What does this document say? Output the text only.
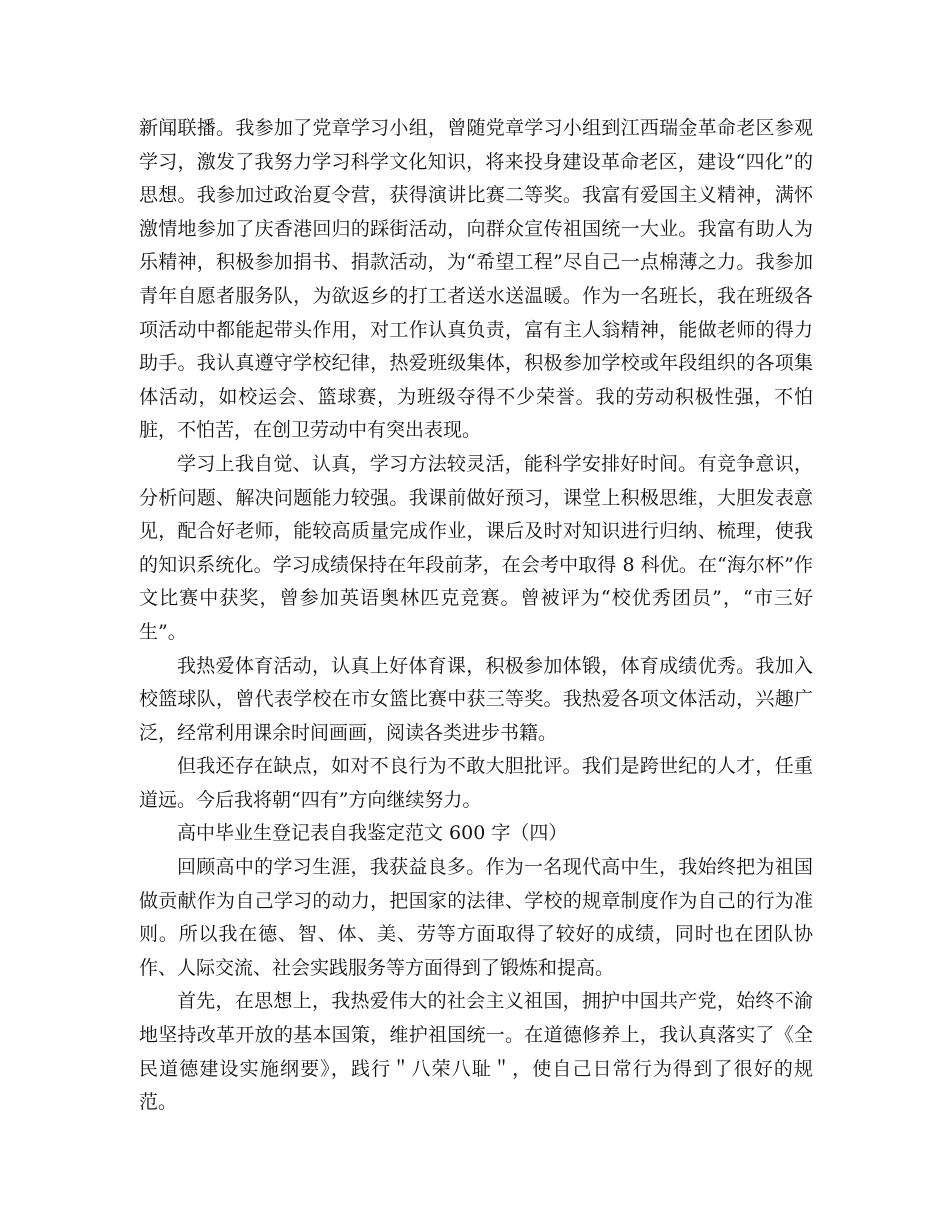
新闻联播。我参加了党章学习小组，曾随党章学习小组到江西瑞金革命老区参观学习，激发了我努力学习科学文化知识，将来投身建设革命老区，建设“四化”的思想。我参加过政治夏令营，获得演讲比赛二等奖。我富有爱国主义精神，满怀激情地参加了庆香港回归的踩街活动，向群众宣传祖国统一大业。我富有助人为乐精神，积极参加捐书、捐款活动，为“希望工程”尽自己一点棉薄之力。我参加青年自愿者服务队，为欲返乡的打工者送水送温暖。作为一名班长，我在班级各项活动中都能起带头作用，对工作认真负责，富有主人翁精神，能做老师的得力助手。我认真遵守学校纪律，热爱班级集体，积极参加学校或年段组织的各项集体活动，如校运会、篮球赛，为班级夺得不少荣誉。我的劳动积极性强，不怕脏，不怕苦，在创卫劳动中有突出表现。

学习上我自觉、认真，学习方法较灵活，能科学安排好时间。有竞争意识，分析问题、解决问题能力较强。我课前做好预习，课堂上积极思维，大胆发表意见，配合好老师，能较高质量完成作业，课后及时对知识进行归纳、梳理，使我的知识系统化。学习成绩保持在年段前茅，在会考中取得 8 科优。在“海尔杯”作文比赛中获奖，曾参加英语奥林匹克竞赛。曾被评为“校优秀团员”，“市三好生”。

我热爱体育活动，认真上好体育课，积极参加体锻，体育成绩优秀。我加入校篮球队，曾代表学校在市女篮比赛中获三等奖。我热爱各项文体活动，兴趣广泛，经常利用课余时间画画，阅读各类进步书籍。

但我还存在缺点，如对不良行为不敢大胆批评。我们是跨世纪的人才，任重道远。今后我将朝“四有”方向继续努力。

高中毕业生登记表自我鉴定范文 600 字（四）

回顾高中的学习生涯，我获益良多。作为一名现代高中生，我始终把为祖国做贡献作为自己学习的动力，把国家的法律、学校的规章制度作为自己的行为准则。所以我在德、智、体、美、劳等方面取得了较好的成绩，同时也在团队协作、人际交流、社会实践服务等方面得到了锻炼和提高。

首先，在思想上，我热爱伟大的社会主义祖国，拥护中国共产党，始终不渝地坚持改革开放的基本国策，维护祖国统一。在道德修养上，我认真落实了《全民道德建设实施纲要》，践行＂八荣八耻＂，使自己日常行为得到了很好的规范。
